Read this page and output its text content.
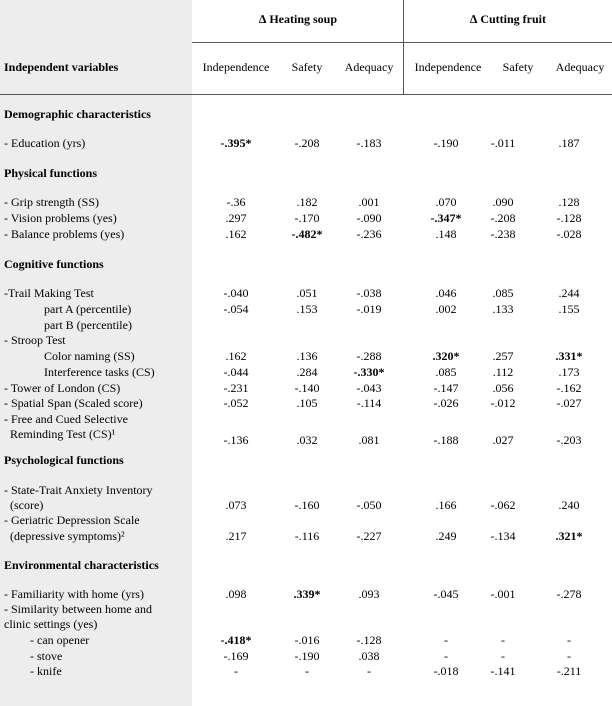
∆ Heating soup	∆ Cutting fruit
Independent variables	Independence Safety Adequacy Independence Safety Adequacy
Demographic characteristics
Physical functions
Cognitive functions
Psychological functions
Environmental characteristics
- Education (yrs)	-.395*	-.208	-.183	-.190	-.011	.187
- Grip strength (SS)	-.36	.182	.001	.070	.090	.128
- Vision problems (yes)	.297	-.170	-.090	-.347* -.208	-.128
- Balance problems (yes)	.162	-.482*	-.236	.148	-.238	-.028
-Trail Making Test	-.040	.051	-.038	.046	.085	.244
part A (percentile)	-.054	.153	-.019	.002	.133	.155
part B (percentile)
- Stroop Test
Color naming (SS)	.162	.136	-.288	.320*	.257	.331*
Interference tasks (CS)	-.044	.284	-.330*	.085	.112	.173
- Tower of London (CS)	-.231	-.140	-.043	-.147	.056	-.162
- Spatial Span (Scaled score)	-.052	.105	-.114	-.026	-.012	-.027
- Free and Cued Selective
Reminding Test (CS)¹	-.136	.032	.081	-.188	.027	-.203
- State-Trait Anxiety Inventory
(score)	.073	-.160	-.050	.166	-.062	.240
- Geriatric Depression Scale
(depressive symptoms)²	.217	-.116	-.227	.249	-.134	.321*
- Familiarity with home (yrs)	.098	.339*	.093	-.045	-.001	-.278
- Similarity between home and
clinic settings (yes)
- can opener	-.418*	-.016	-.128	-	-	-
- stove	-.169	-.190	.038	-	-	-
- knife	-	-	-	-.018	-.141	-.211
